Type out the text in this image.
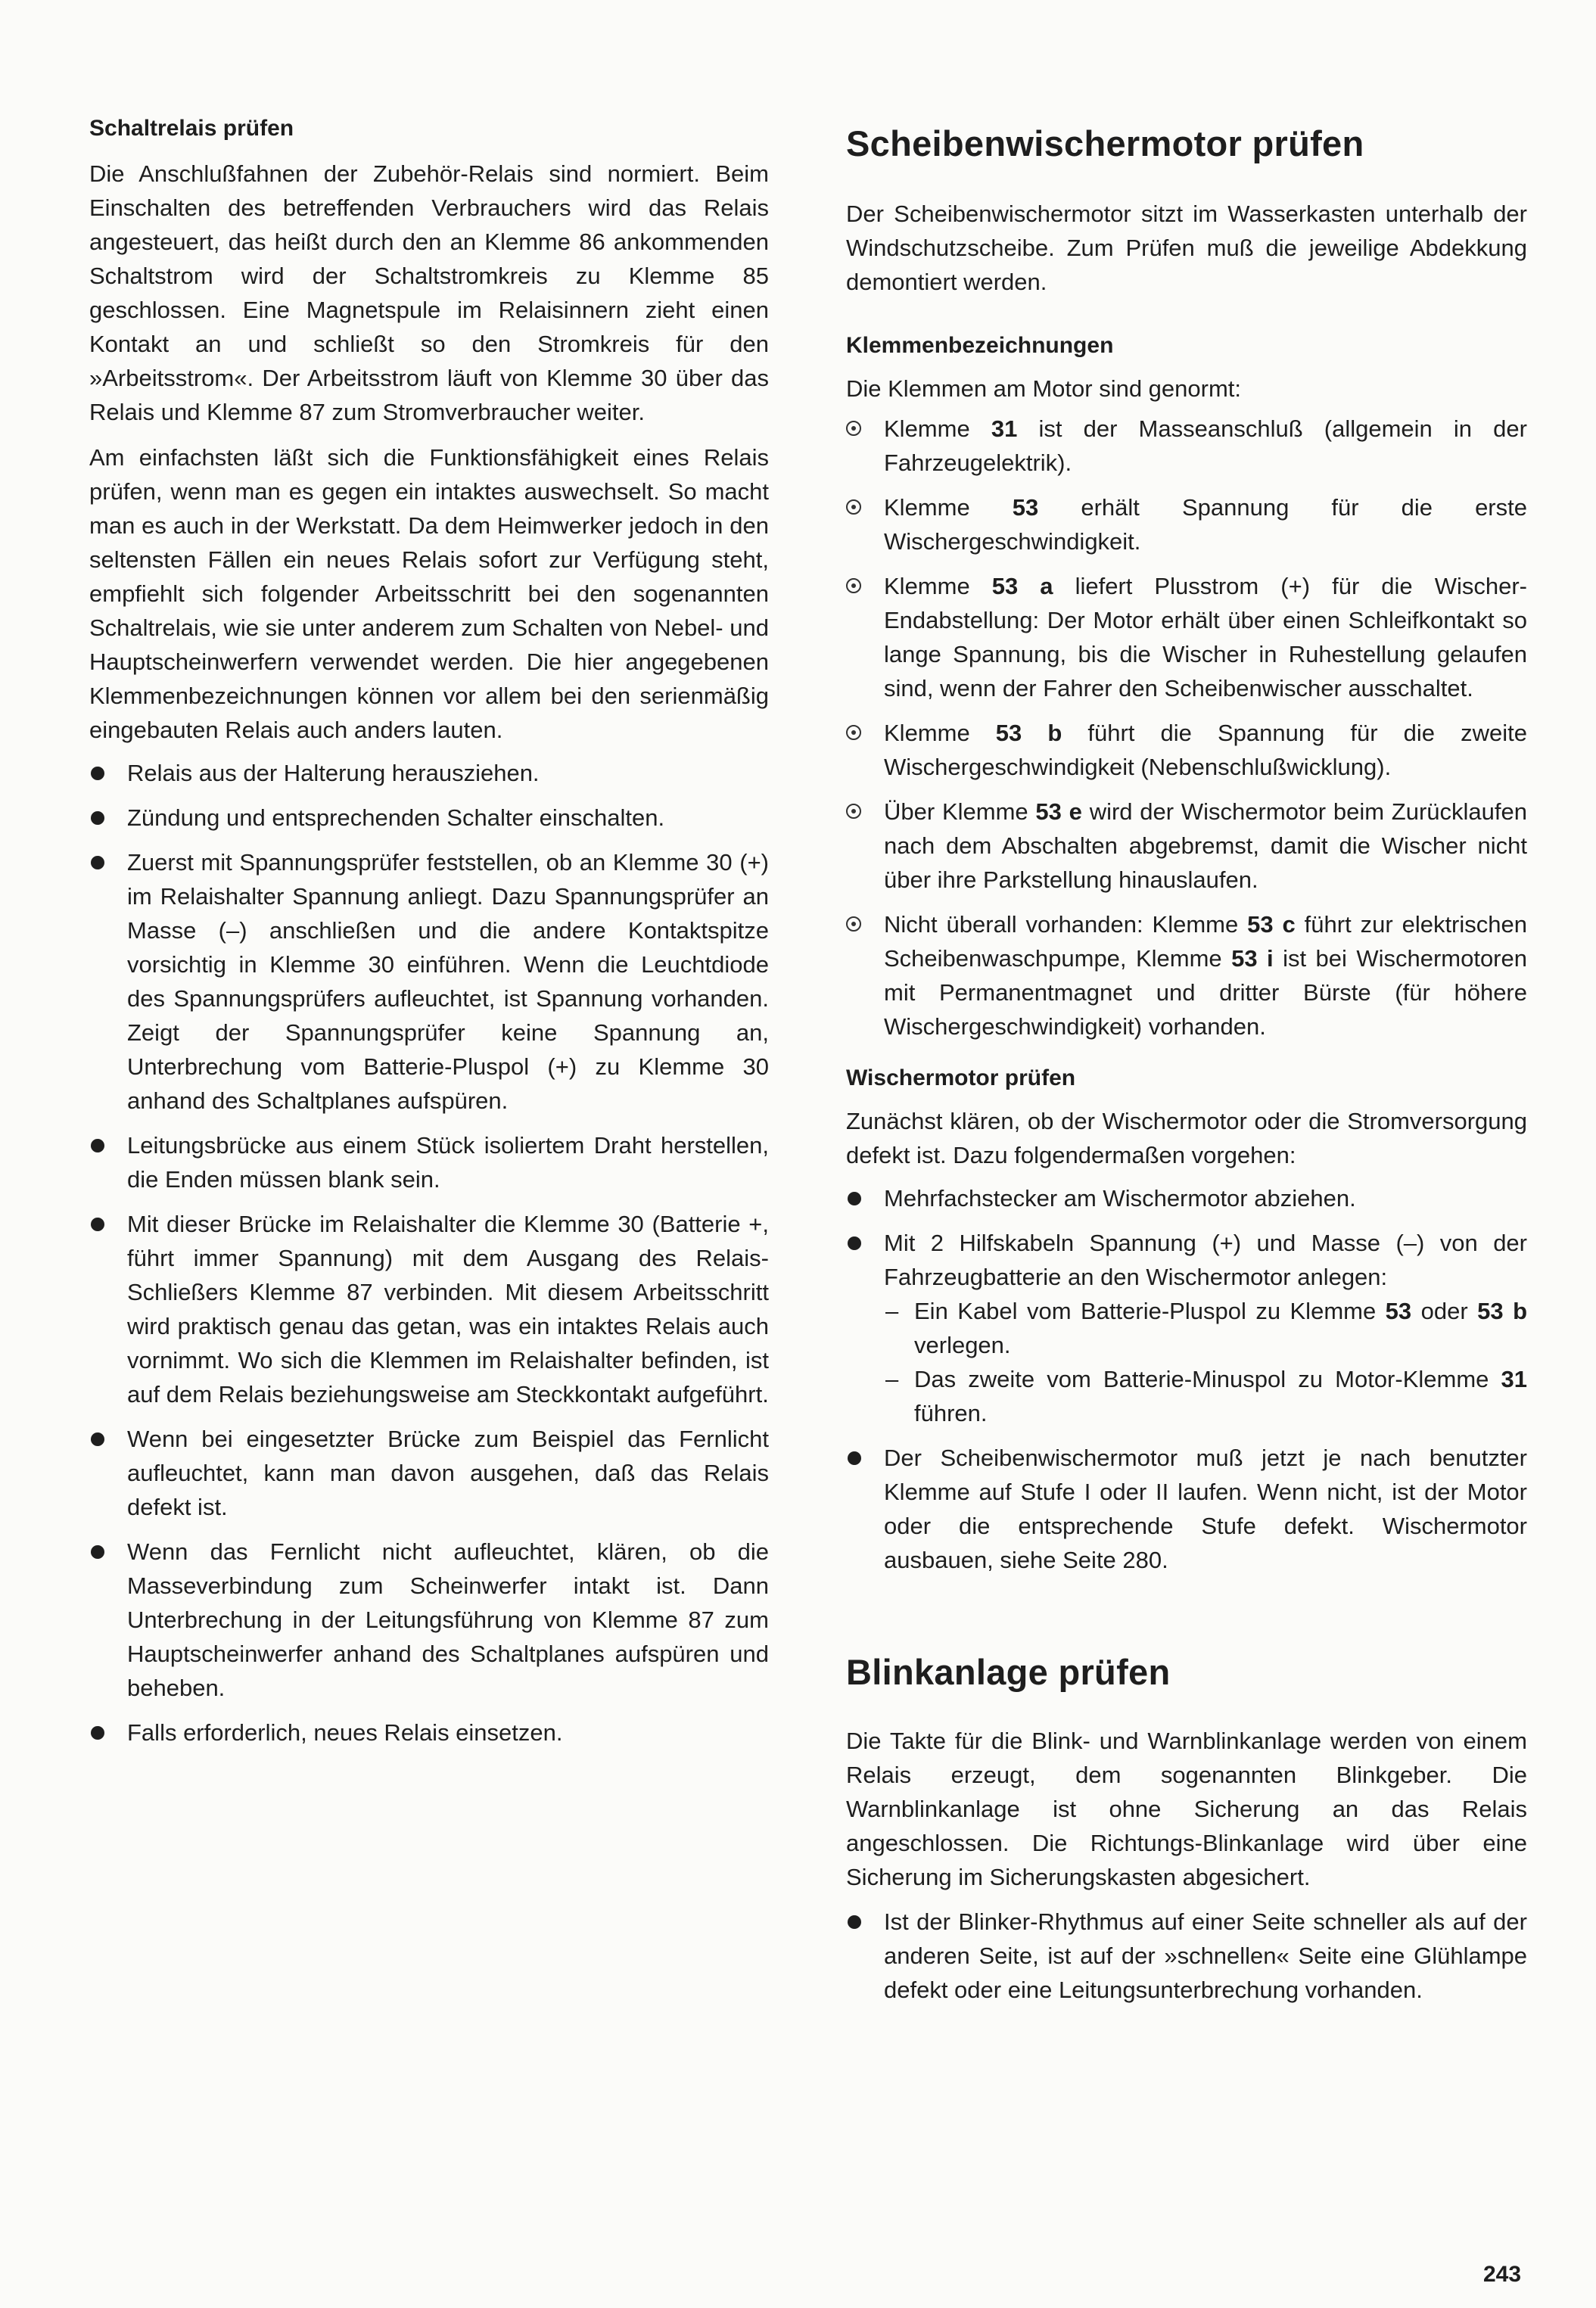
Schaltrelais prüfen

Die Anschlußfahnen der Zubehör-Relais sind normiert. Beim Einschalten des betreffenden Verbrauchers wird das Relais angesteuert, das heißt durch den an Klemme 86 ankommenden Schaltstrom wird der Schaltstromkreis zu Klemme 85 geschlossen. Eine Magnetspule im Relaisinnern zieht einen Kontakt an und schließt so den Stromkreis für den »Arbeitsstrom«. Der Arbeitsstrom läuft von Klemme 30 über das Relais und Klemme 87 zum Stromverbraucher weiter.

Am einfachsten läßt sich die Funktionsfähigkeit eines Relais prüfen, wenn man es gegen ein intaktes auswechselt. So macht man es auch in der Werkstatt. Da dem Heimwerker jedoch in den seltensten Fällen ein neues Relais sofort zur Verfügung steht, empfiehlt sich folgender Arbeitsschritt bei den sogenannten Schaltrelais, wie sie unter anderem zum Schalten von Nebel- und Hauptscheinwerfern verwendet werden. Die hier angegebenen Klemmenbezeichnungen können vor allem bei den serienmäßig eingebauten Relais auch anders lauten.

Relais aus der Halterung herausziehen.
Zündung und entsprechenden Schalter einschalten.
Zuerst mit Spannungsprüfer feststellen, ob an Klemme 30 (+) im Relaishalter Spannung anliegt. Dazu Spannungsprüfer an Masse (–) anschließen und die andere Kontaktspitze vorsichtig in Klemme 30 einführen. Wenn die Leuchtdiode des Spannungsprüfers aufleuchtet, ist Spannung vorhanden. Zeigt der Spannungsprüfer keine Spannung an, Unterbrechung vom Batterie-Pluspol (+) zu Klemme 30 anhand des Schaltplanes aufspüren.
Leitungsbrücke aus einem Stück isoliertem Draht herstellen, die Enden müssen blank sein.
Mit dieser Brücke im Relaishalter die Klemme 30 (Batterie +, führt immer Spannung) mit dem Ausgang des Relais-Schließers Klemme 87 verbinden. Mit diesem Arbeitsschritt wird praktisch genau das getan, was ein intaktes Relais auch vornimmt. Wo sich die Klemmen im Relaishalter befinden, ist auf dem Relais beziehungsweise am Steckkontakt aufgeführt.
Wenn bei eingesetzter Brücke zum Beispiel das Fernlicht aufleuchtet, kann man davon ausgehen, daß das Relais defekt ist.
Wenn das Fernlicht nicht aufleuchtet, klären, ob die Masseverbindung zum Scheinwerfer intakt ist. Dann Unterbrechung in der Leitungsführung von Klemme 87 zum Hauptscheinwerfer anhand des Schaltplanes aufspüren und beheben.
Falls erforderlich, neues Relais einsetzen.
Scheibenwischermotor prüfen

Der Scheibenwischermotor sitzt im Wasserkasten unterhalb der Windschutzscheibe. Zum Prüfen muß die jeweilige Abdekkung demontiert werden.

Klemmenbezeichnungen

Die Klemmen am Motor sind genormt:

Klemme 31 ist der Masseanschluß (allgemein in der Fahrzeugelektrik).
Klemme 53 erhält Spannung für die erste Wischergeschwindigkeit.
Klemme 53 a liefert Plusstrom (+) für die Wischer-Endabstellung: Der Motor erhält über einen Schleifkontakt so lange Spannung, bis die Wischer in Ruhestellung gelaufen sind, wenn der Fahrer den Scheibenwischer ausschaltet.
Klemme 53 b führt die Spannung für die zweite Wischergeschwindigkeit (Nebenschlußwicklung).
Über Klemme 53 e wird der Wischermotor beim Zurücklaufen nach dem Abschalten abgebremst, damit die Wischer nicht über ihre Parkstellung hinauslaufen.
Nicht überall vorhanden: Klemme 53 c führt zur elektrischen Scheibenwaschpumpe, Klemme 53 i ist bei Wischermotoren mit Permanentmagnet und dritter Bürste (für höhere Wischergeschwindigkeit) vorhanden.
Wischermotor prüfen

Zunächst klären, ob der Wischermotor oder die Stromversorgung defekt ist. Dazu folgendermaßen vorgehen:

Mehrfachstecker am Wischermotor abziehen.
Mit 2 Hilfskabeln Spannung (+) und Masse (–) von der Fahrzeugbatterie an den Wischermotor anlegen:
– Ein Kabel vom Batterie-Pluspol zu Klemme 53 oder 53 b verlegen.
– Das zweite vom Batterie-Minuspol zu Motor-Klemme 31 führen.
Der Scheibenwischermotor muß jetzt je nach benutzter Klemme auf Stufe I oder II laufen. Wenn nicht, ist der Motor oder die entsprechende Stufe defekt. Wischermotor ausbauen, siehe Seite 280.
Blinkanlage prüfen

Die Takte für die Blink- und Warnblinkanlage werden von einem Relais erzeugt, dem sogenannten Blinkgeber. Die Warnblinkanlage ist ohne Sicherung an das Relais angeschlossen. Die Richtungs-Blinkanlage wird über eine Sicherung im Sicherungskasten abgesichert.

Ist der Blinker-Rhythmus auf einer Seite schneller als auf der anderen Seite, ist auf der »schnellen« Seite eine Glühlampe defekt oder eine Leitungsunterbrechung vorhanden.
243
